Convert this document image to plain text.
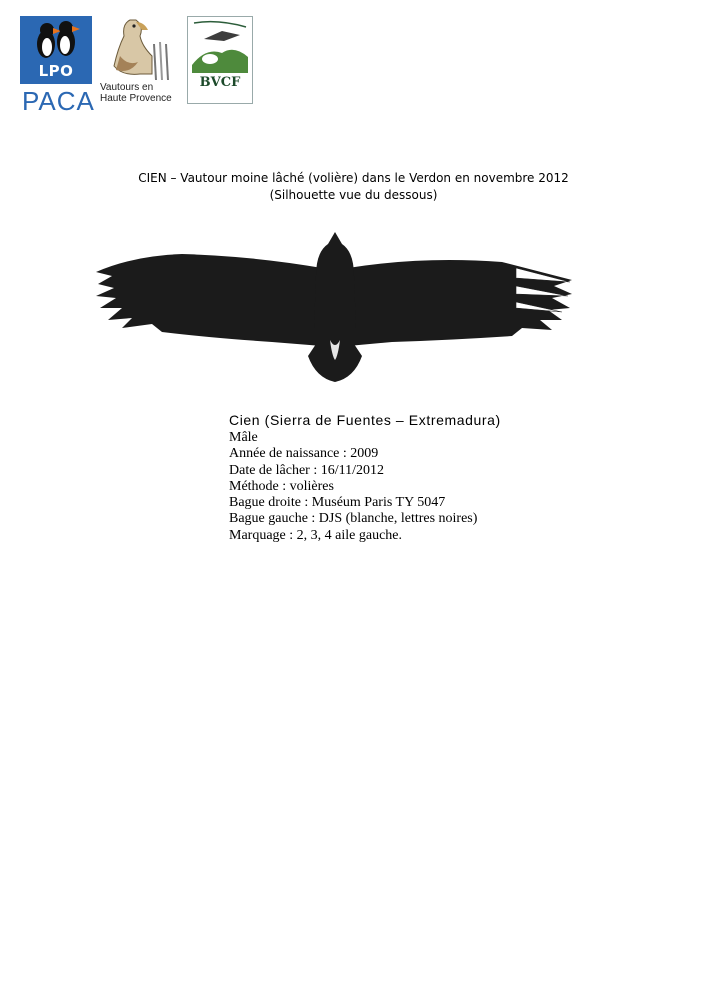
LPO
PACA Vautours en Haute Provence
BVCF
CIEN – Vautour moine lâché (volière) dans le Verdon en novembre 2012
(Silhouette vue du dessous)
Cien (Sierra de Fuentes – Extremadura)
Mâle
Année de naissance : 2009
Date de lâcher : 16/11/2012
Méthode : volières
Bague droite : Muséum Paris TY 5047
Bague gauche : DJS (blanche, lettres noires)
Marquage : 2, 3, 4 aile gauche.
